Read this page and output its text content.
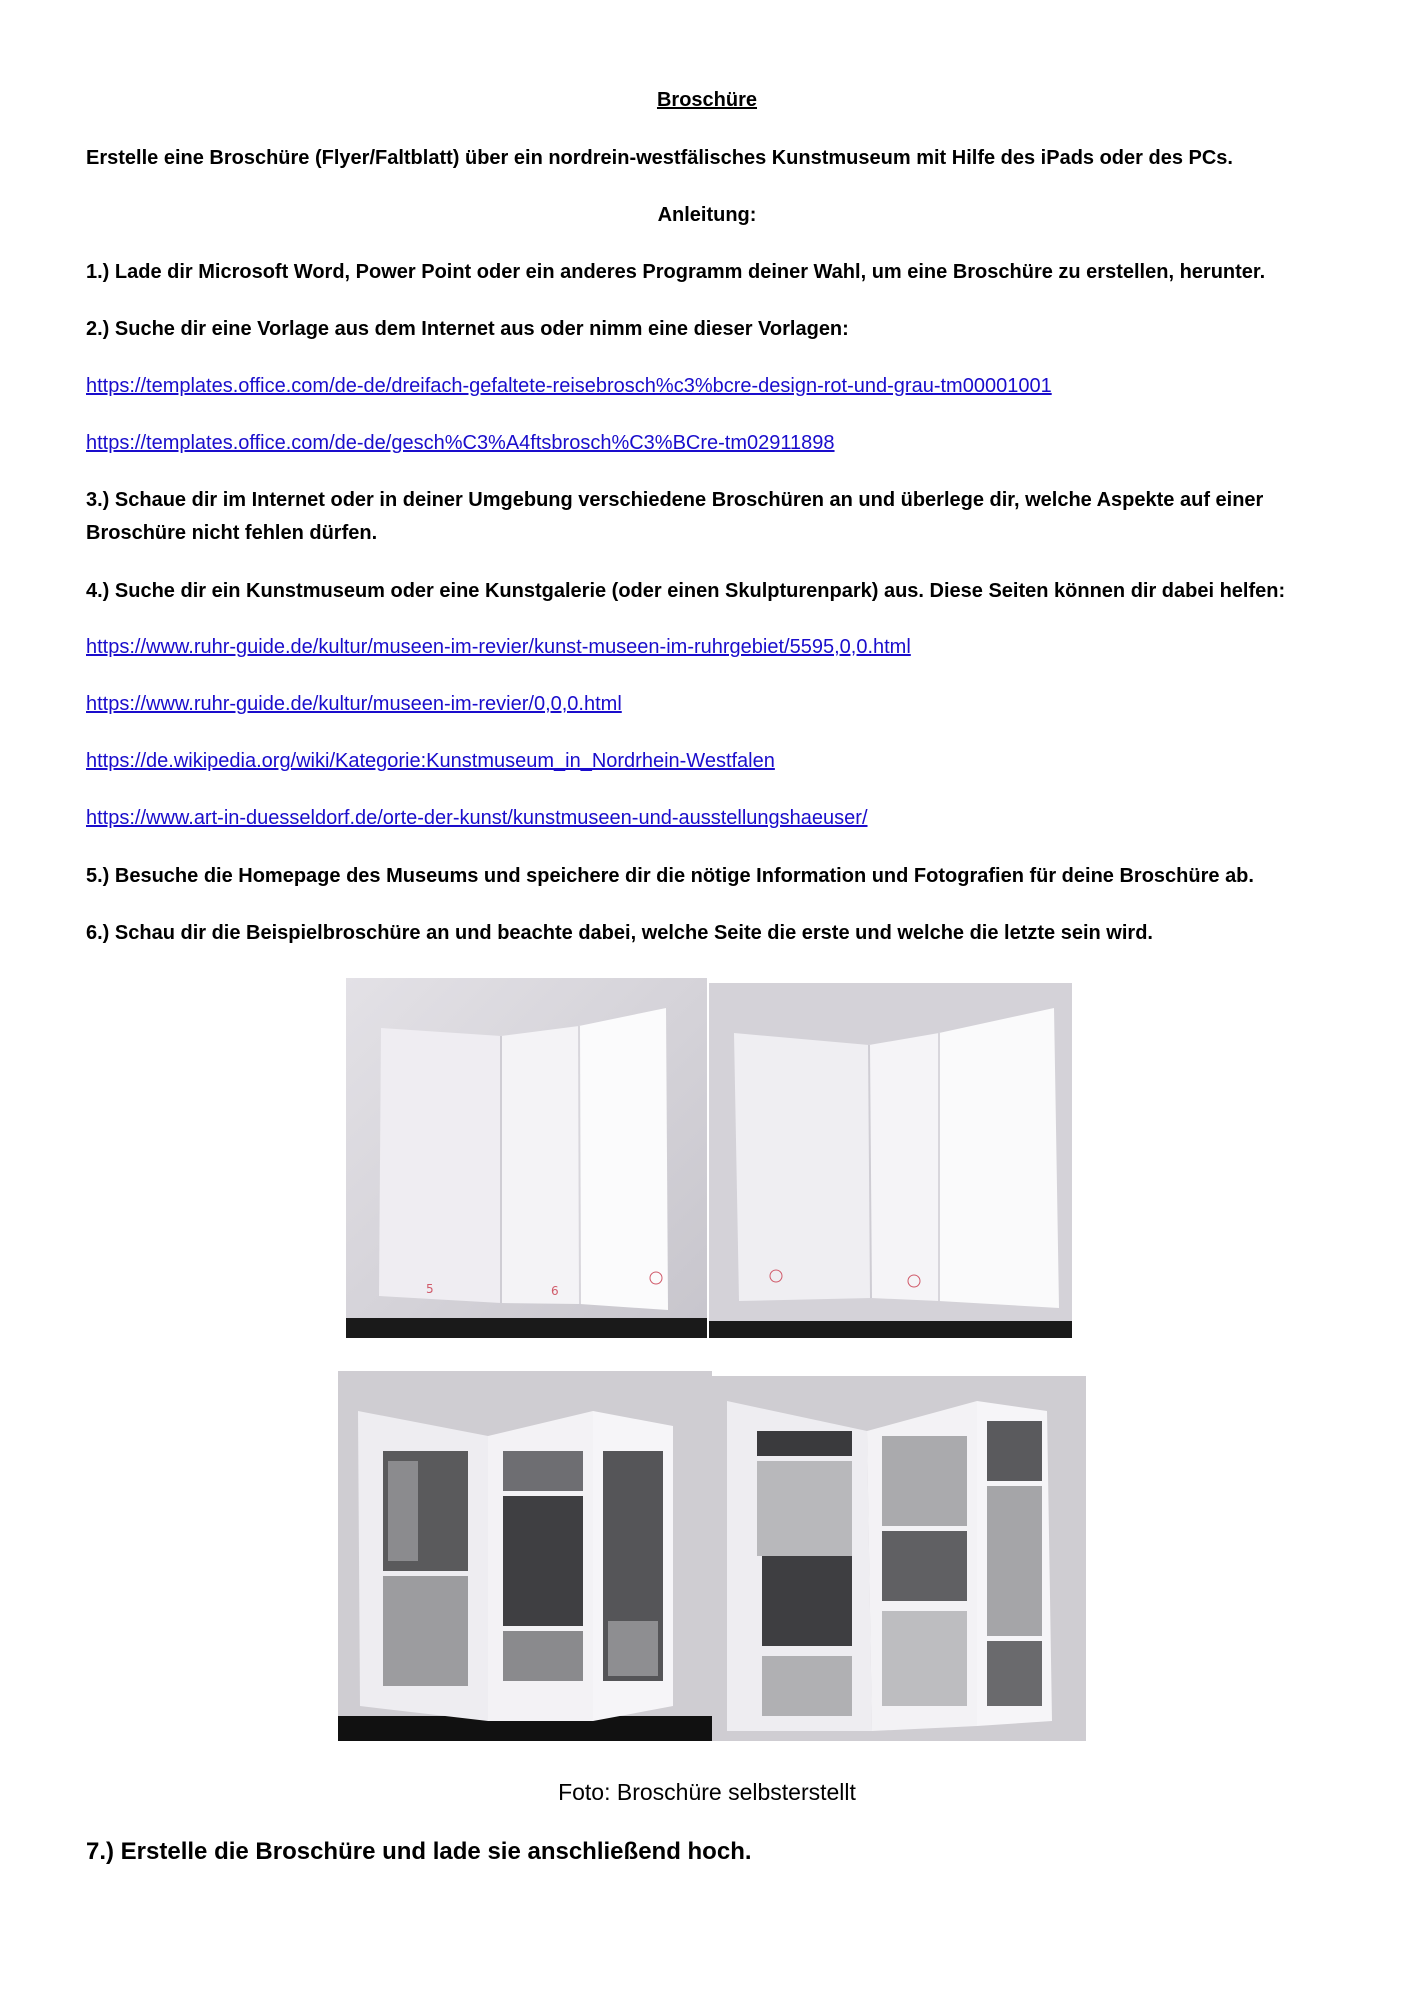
Broschüre
Erstelle eine Broschüre (Flyer/Faltblatt) über ein nordrein-westfälisches Kunstmuseum mit Hilfe des iPads oder des PCs.
Anleitung:
1.) Lade dir Microsoft Word, Power Point oder ein anderes Programm deiner Wahl, um eine Broschüre zu erstellen, herunter.
2.) Suche dir eine Vorlage aus dem Internet aus oder nimm eine dieser Vorlagen:
https://templates.office.com/de-de/dreifach-gefaltete-reisebrosch%c3%bcre-design-rot-und-grau-tm00001001
https://templates.office.com/de-de/gesch%C3%A4ftsbrosch%C3%BCre-tm02911898
3.) Schaue dir im Internet oder in deiner Umgebung verschiedene Broschüren an und überlege dir, welche Aspekte auf einer Broschüre nicht fehlen dürfen.
4.) Suche dir ein Kunstmuseum oder eine Kunstgalerie (oder einen Skulpturenpark) aus. Diese Seiten können dir dabei helfen:
https://www.ruhr-guide.de/kultur/museen-im-revier/kunst-museen-im-ruhrgebiet/5595,0,0.html
https://www.ruhr-guide.de/kultur/museen-im-revier/0,0,0.html
https://de.wikipedia.org/wiki/Kategorie:Kunstmuseum_in_Nordrhein-Westfalen
https://www.art-in-duesseldorf.de/orte-der-kunst/kunstmuseen-und-ausstellungshaeuser/
5.) Besuche die Homepage des Museums und speichere dir die nötige Information und Fotografien für deine Broschüre ab.
6.) Schau dir die Beispielbroschüre an und beachte dabei, welche Seite die erste und welche die letzte sein wird.
5	6
Foto: Broschüre selbsterstellt
7.) Erstelle die Broschüre und lade sie anschließend hoch.
